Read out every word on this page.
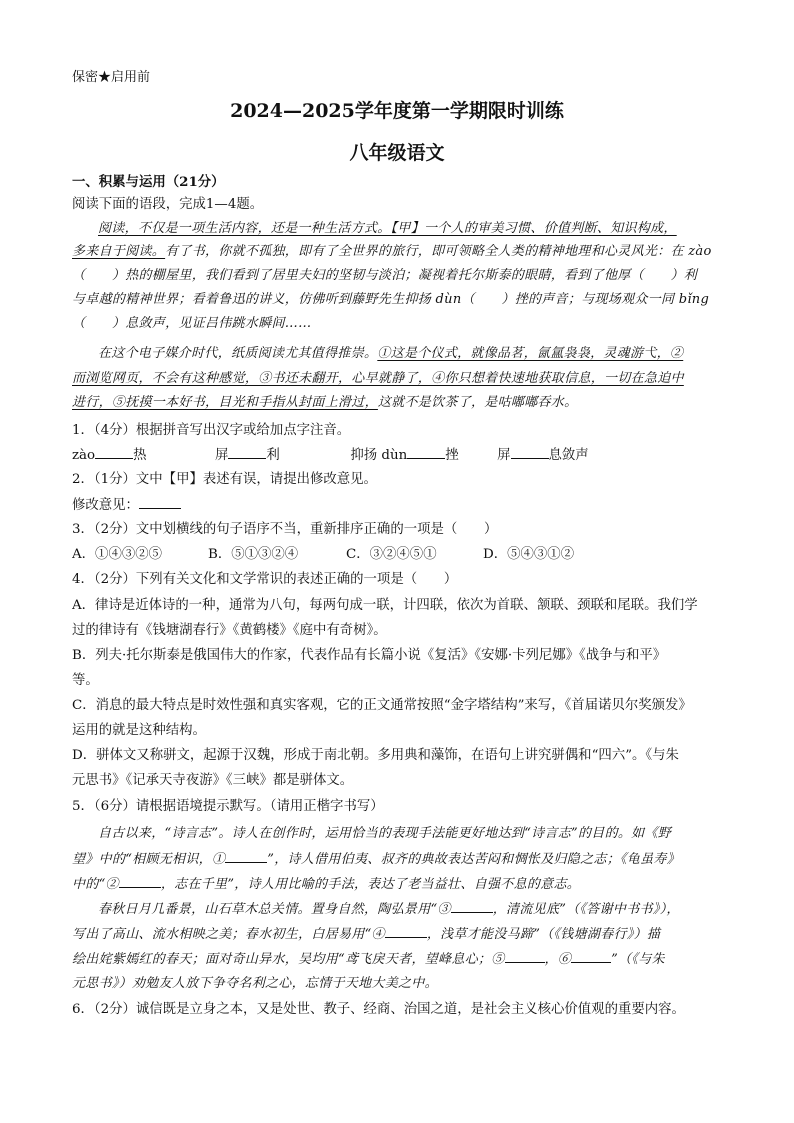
保密★启用前
2024—2025学年度第一学期限时训练
八年级语文
一、积累与运用（21分）
阅读下面的语段，完成1—4题。
阅读，不仅是一项生活内容，还是一种生活方式。【甲】一个人的审美习惯、价值判断、知识构成，
多来自于阅读。有了书，你就不孤独，即有了全世界的旅行，即可领略全人类的精神地理和心灵风光：在 zào
（　　）热的棚屋里，我们看到了居里夫妇的坚韧与淡泊；凝视着托尔斯泰的眼睛，看到了他厚（　　）利
与卓越的精神世界；看着鲁迅的讲义，仿佛听到藤野先生抑扬 dùn（　　）挫的声音；与现场观众一同 bǐng
（　　）息敛声，见证吕伟跳水瞬间……
在这个电子媒介时代，纸质阅读尤其值得推崇。①这是个仪式，就像品茗，氤氲袅袅，灵魂游弋，②
而浏览网页，不会有这种感觉，③书还未翻开，心早就静了，④你只想着快速地获取信息，一切在急迫中
进行，⑤抚摸一本好书，目光和手指从封面上滑过，这就不是饮茶了，是咕嘟嘟吞水。
1．（4分）根据拼音写出汉字或给加点字注音。
zào	热	屏	利	抑扬 dùn	挫	屏	息敛声
2．（1分）文中【甲】表述有误，请提出修改意见。
修改意见：
3．（2分）文中划横线的句子语序不当，重新排序正确的一项是（　　）
A．①④③②⑤	B．⑤①③②④	C．③②④⑤①	D．⑤④③①②
4．（2分）下列有关文化和文学常识的表述正确的一项是（　　）
A．律诗是近体诗的一种，通常为八句，每两句成一联，计四联，依次为首联、颔联、颈联和尾联。我们学
过的律诗有《钱塘湖春行》《黄鹤楼》《庭中有奇树》。
B．列夫·托尔斯泰是俄国伟大的作家，代表作品有长篇小说《复活》《安娜·卡列尼娜》《战争与和平》
等。
C．消息的最大特点是时效性强和真实客观，它的正文通常按照“金字塔结构”来写，《首届诺贝尔奖颁发》
运用的就是这种结构。
D．骈体文又称骈文，起源于汉魏，形成于南北朝。多用典和藻饰，在语句上讲究骈偶和“四六”。《与朱
元思书》《记承天寺夜游》《三峡》都是骈体文。
5．（6分）请根据语境提示默写。（请用正楷字书写）
自古以来，“诗言志”。诗人在创作时，运用恰当的表现手法能更好地达到“诗言志”的目的。如《野
望》中的“相顾无相识，①	”，诗人借用伯夷、叔齐的典故表达苦闷和惆怅及归隐之志；《龟虽寿》
中的“②	，志在千里”，诗人用比喻的手法，表达了老当益壮、自强不息的意志。
春秋日月几番景，山石草木总关情。置身自然，陶弘景用“③	，清流见底”（《答谢中书书》），
写出了高山、流水相映之美；春水初生，白居易用“④	，浅草才能没马蹄”（《钱塘湖春行》）描
绘出姹紫嫣红的春天；面对奇山异水，吴均用“鸢飞戾天者，望峰息心；⑤	，⑥	”（《与朱
元思书》）劝勉友人放下争夺名利之心，忘情于天地大美之中。
6．（2分）诚信既是立身之本，又是处世、教子、经商、治国之道，是社会主义核心价值观的重要内容。
